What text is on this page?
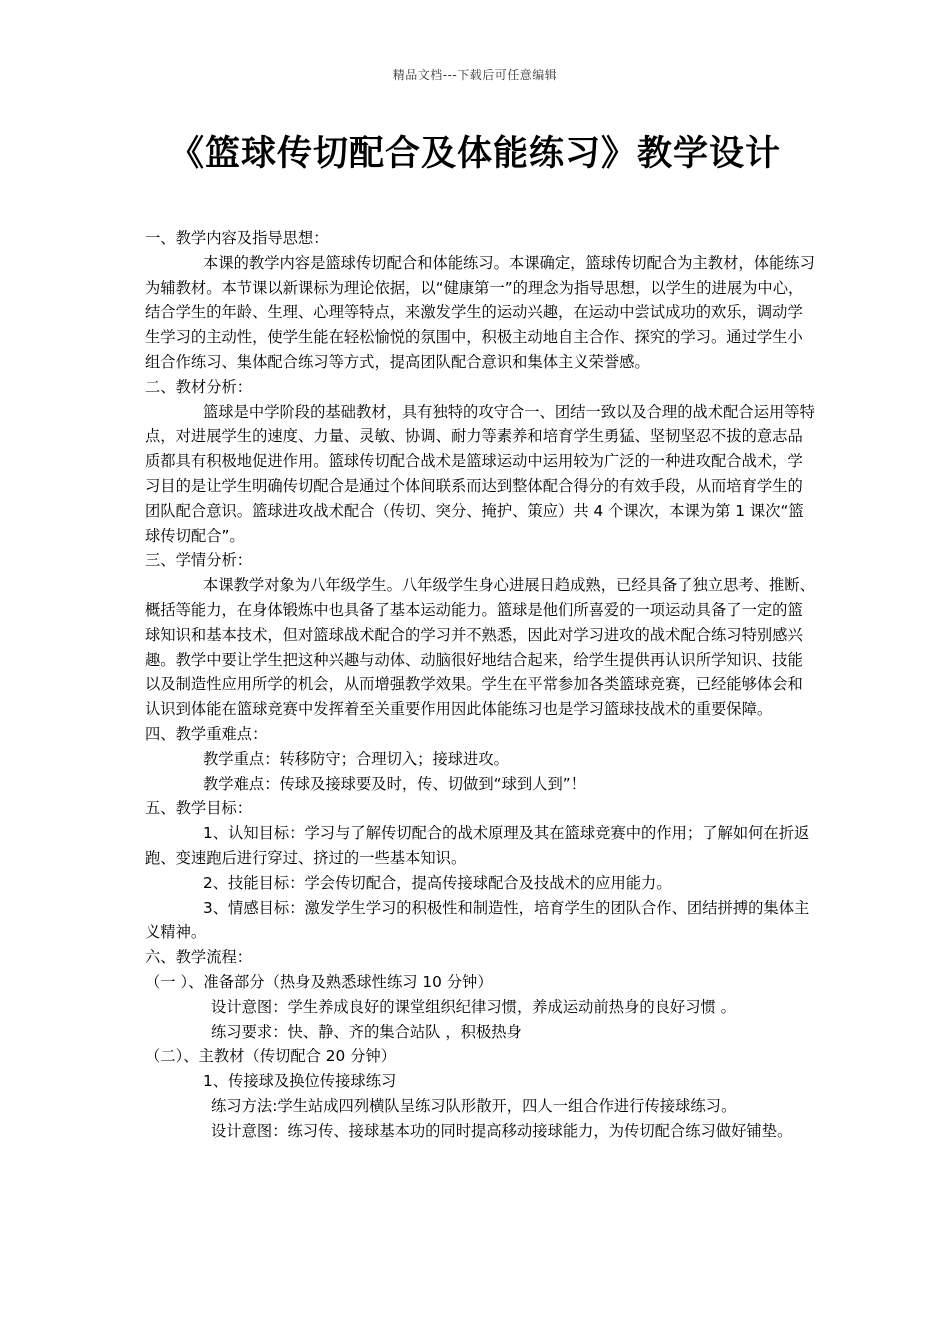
精品文档---下载后可任意编辑
《篮球传切配合及体能练习》教学设计

一、教学内容及指导思想：

本课的教学内容是篮球传切配合和体能练习。本课确定，篮球传切配合为主教材，体能练习为辅教材。本节课以新课标为理论依据，以“健康第一”的理念为指导思想，以学生的进展为中心，结合学生的年龄、生理、心理等特点，来激发学生的运动兴趣，在运动中尝试成功的欢乐，调动学生学习的主动性，使学生能在轻松愉悦的氛围中，积极主动地自主合作、探究的学习。通过学生小组合作练习、集体配合练习等方式，提高团队配合意识和集体主义荣誉感。

二、教材分析：

篮球是中学阶段的基础教材，具有独特的攻守合一、团结一致以及合理的战术配合运用等特点，对进展学生的速度、力量、灵敏、协调、耐力等素养和培育学生勇猛、坚韧坚忍不拔的意志品质都具有积极地促进作用。篮球传切配合战术是篮球运动中运用较为广泛的一种进攻配合战术，学习目的是让学生明确传切配合是通过个体间联系而达到整体配合得分的有效手段，从而培育学生的团队配合意识。篮球进攻战术配合（传切、突分、掩护、策应）共 4 个课次，本课为第 1 课次“篮球传切配合”。

三、学情分析：

本课教学对象为八年级学生。八年级学生身心进展日趋成熟，已经具备了独立思考、推断、概括等能力，在身体锻炼中也具备了基本运动能力。篮球是他们所喜爱的一项运动具备了一定的篮球知识和基本技术，但对篮球战术配合的学习并不熟悉，因此对学习进攻的战术配合练习特别感兴趣。教学中要让学生把这种兴趣与动体、动脑很好地结合起来，给学生提供再认识所学知识、技能以及制造性应用所学的机会，从而增强教学效果。学生在平常参加各类篮球竞赛，已经能够体会和认识到体能在篮球竞赛中发挥着至关重要作用因此体能练习也是学习篮球技战术的重要保障。

四、教学重难点：

教学重点：转移防守；合理切入；接球进攻。

教学难点：传球及接球要及时，传、切做到“球到人到”！

五、教学目标：

1、认知目标：学习与了解传切配合的战术原理及其在篮球竞赛中的作用；了解如何在折返跑、变速跑后进行穿过、挤过的一些基本知识。

2、技能目标：学会传切配合，提高传接球配合及技战术的应用能力。

3、情感目标：激发学生学习的积极性和制造性，培育学生的团队合作、团结拼搏的集体主义精神。

六、教学流程：

（一 ）、准备部分（热身及熟悉球性练习 10 分钟）

设计意图：学生养成良好的课堂组织纪律习惯，养成运动前热身的良好习惯 。

练习要求：快、静、齐的集合站队 ，积极热身

（二）、主教材（传切配合 20 分钟）

1、传接球及换位传接球练习

练习方法:学生站成四列横队呈练习队形散开，四人一组合作进行传接球练习。

设计意图：练习传、接球基本功的同时提高移动接球能力，为传切配合练习做好铺垫。
